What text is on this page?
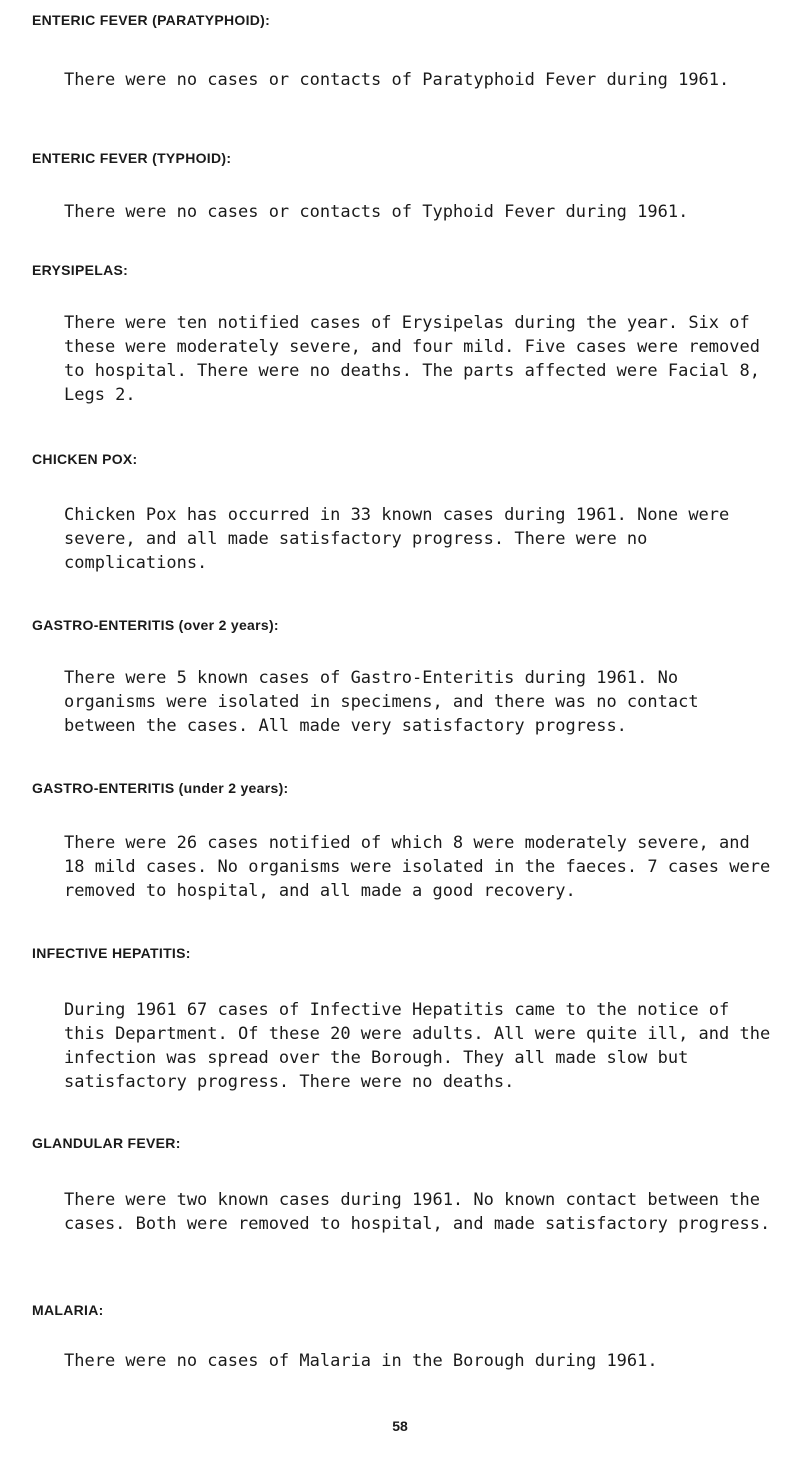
ENTERIC FEVER (PARATYPHOID):

There were no cases or contacts of Paratyphoid Fever during 1961.

ENTERIC FEVER (TYPHOID):

There were no cases or contacts of Typhoid Fever during 1961.

ERYSIPELAS:

There were ten notified cases of Erysipelas during the year. Six of these were moderately severe, and four mild. Five cases were removed to hospital. There were no deaths. The parts affected were Facial 8, Legs 2.

CHICKEN POX:

Chicken Pox has occurred in 33 known cases during 1961. None were severe, and all made satisfactory progress. There were no complications.

GASTRO-ENTERITIS (over 2 years):

There were 5 known cases of Gastro-Enteritis during 1961. No organisms were isolated in specimens, and there was no contact between the cases. All made very satisfactory progress.

GASTRO-ENTERITIS (under 2 years):

There were 26 cases notified of which 8 were moderately severe, and 18 mild cases. No organisms were isolated in the faeces. 7 cases were removed to hospital, and all made a good recovery.

INFECTIVE HEPATITIS:

During 1961 67 cases of Infective Hepatitis came to the notice of this Department. Of these 20 were adults. All were quite ill, and the infection was spread over the Borough. They all made slow but satisfactory progress. There were no deaths.

GLANDULAR FEVER:

There were two known cases during 1961. No known contact between the cases. Both were removed to hospital, and made satisfactory progress.

MALARIA:

There were no cases of Malaria in the Borough during 1961.

58
